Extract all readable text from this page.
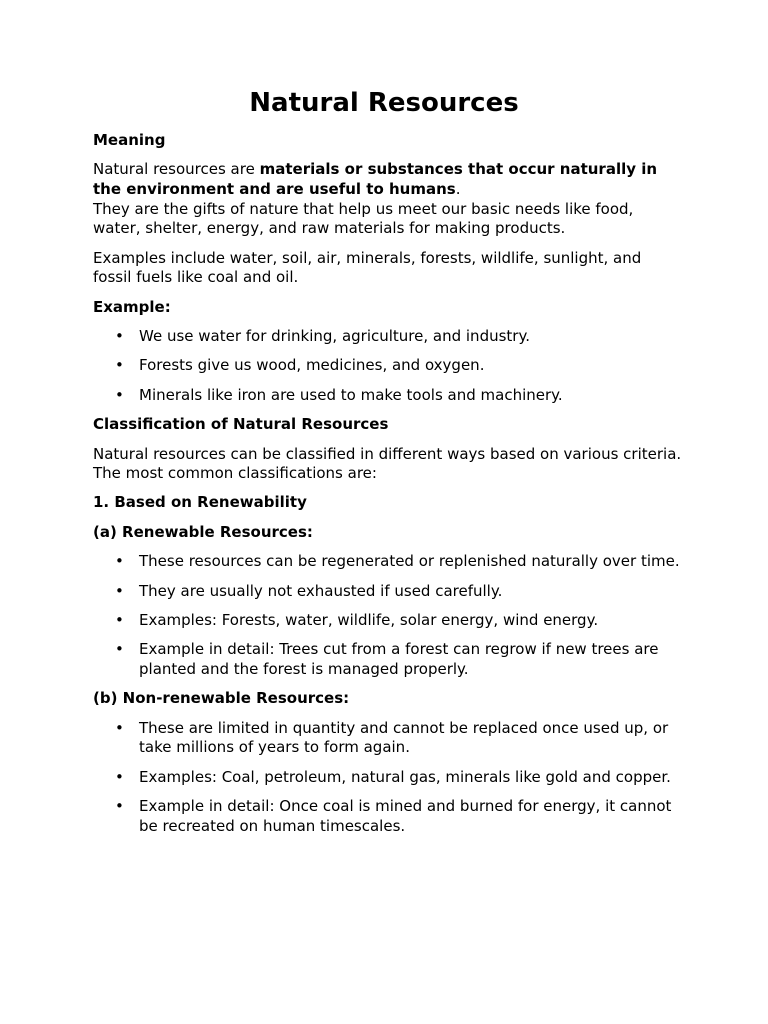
Natural Resources

Meaning

Natural resources are materials or substances that occur naturally in the environment and are useful to humans.

They are the gifts of nature that help us meet our basic needs like food, water, shelter, energy, and raw materials for making products.

Examples include water, soil, air, minerals, forests, wildlife, sunlight, and fossil fuels like coal and oil.

Example:

• We use water for drinking, agriculture, and industry.
• Forests give us wood, medicines, and oxygen.
• Minerals like iron are used to make tools and machinery.

Classification of Natural Resources

Natural resources can be classified in different ways based on various criteria. The most common classifications are:

1. Based on Renewability

(a) Renewable Resources:

• These resources can be regenerated or replenished naturally over time.
• They are usually not exhausted if used carefully.
• Examples: Forests, water, wildlife, solar energy, wind energy.
• Example in detail: Trees cut from a forest can regrow if new trees are planted and the forest is managed properly.

(b) Non-renewable Resources:

• These are limited in quantity and cannot be replaced once used up, or take millions of years to form again.
• Examples: Coal, petroleum, natural gas, minerals like gold and copper.
• Example in detail: Once coal is mined and burned for energy, it cannot be recreated on human timescales.
